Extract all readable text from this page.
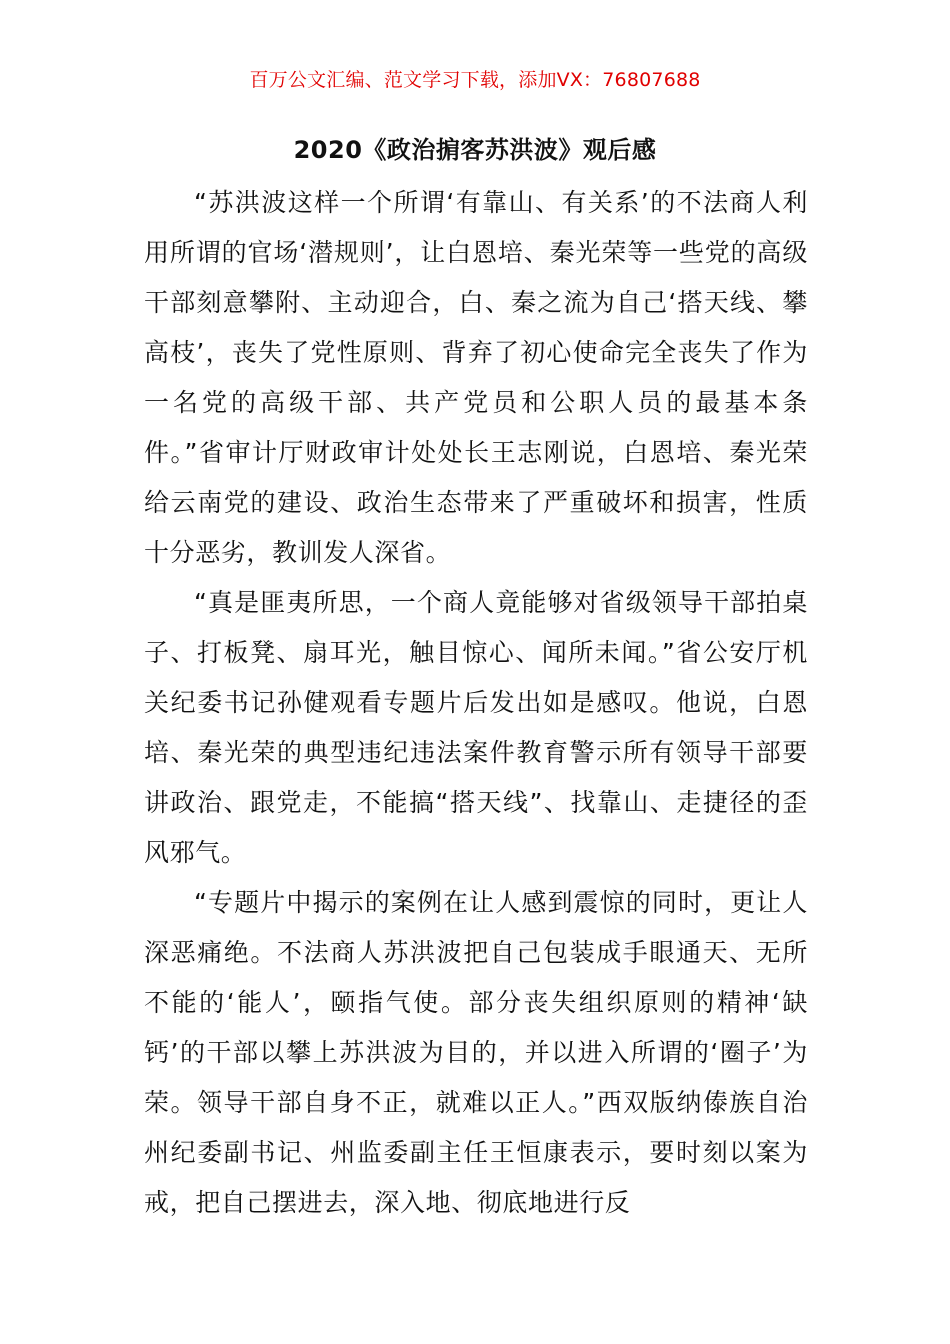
百万公文汇编、范文学习下载，添加VX：76807688
2020《政治掮客苏洪波》观后感

“苏洪波这样一个所谓‘有靠山、有关系’的不法商人利用所谓的官场‘潜规则’，让白恩培、秦光荣等一些党的高级干部刻意攀附、主动迎合，白、秦之流为自己‘搭天线、攀高枝’，丧失了党性原则、背弃了初心使命完全丧失了作为一名党的高级干部、共产党员和公职人员的最基本条件。”省审计厅财政审计处处长王志刚说，白恩培、秦光荣给云南党的建设、政治生态带来了严重破坏和损害，性质十分恶劣，教训发人深省。

“真是匪夷所思，一个商人竟能够对省级领导干部拍桌子、打板凳、扇耳光，触目惊心、闻所未闻。”省公安厅机关纪委书记孙健观看专题片后发出如是感叹。他说，白恩培、秦光荣的典型违纪违法案件教育警示所有领导干部要讲政治、跟党走，不能搞“搭天线”、找靠山、走捷径的歪风邪气。

“专题片中揭示的案例在让人感到震惊的同时，更让人深恶痛绝。不法商人苏洪波把自己包装成手眼通天、无所不能的‘能人’，颐指气使。部分丧失组织原则的精神‘缺钙’的干部以攀上苏洪波为目的，并以进入所谓的‘圈子’为荣。领导干部自身不正，就难以正人。”西双版纳傣族自治州纪委副书记、州监委副主任王恒康表示，要时刻以案为戒，把自己摆进去，深入地、彻底地进行反
